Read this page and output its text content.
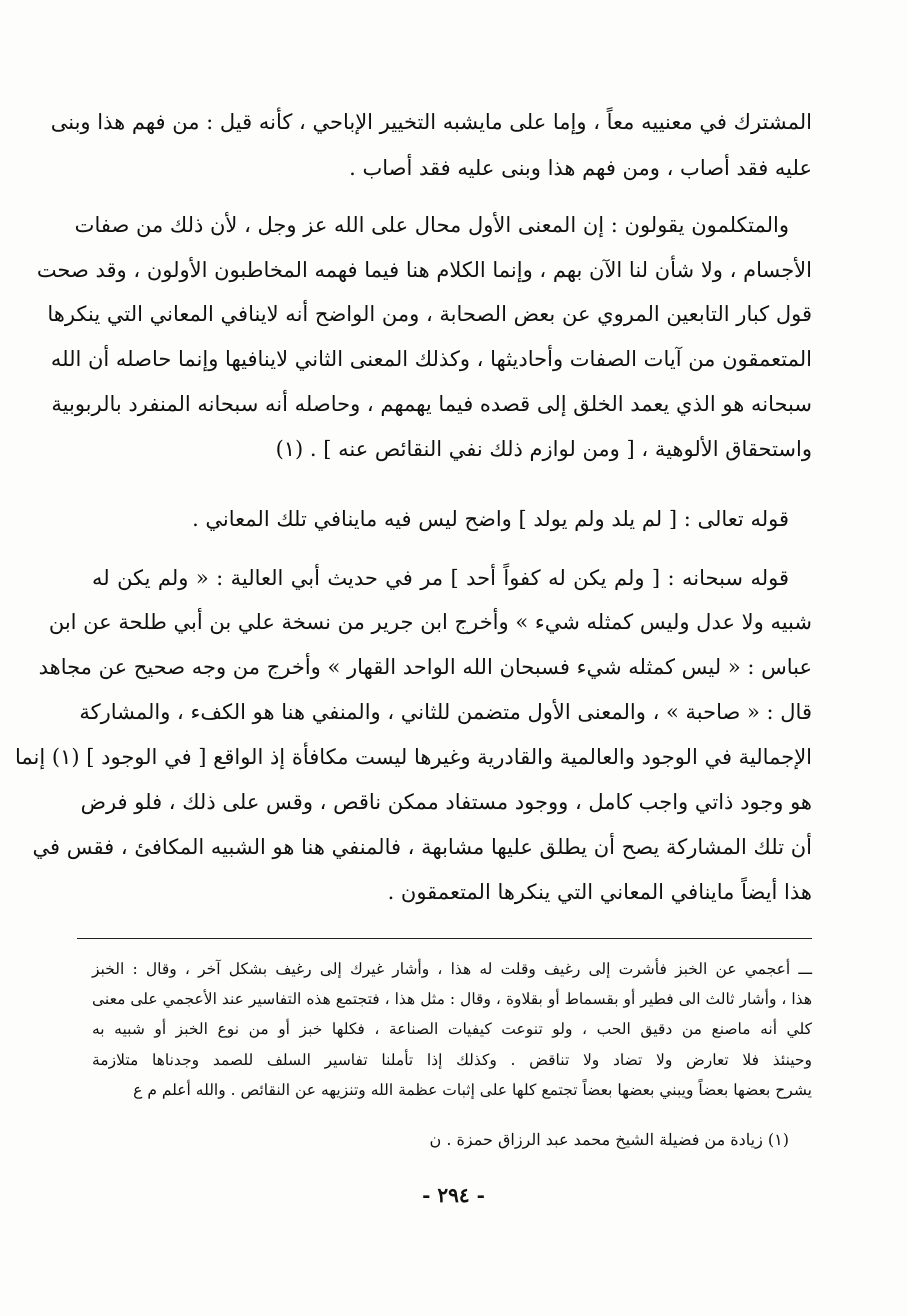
المشترك في معنييه معاً ، وإما على مايشبه التخيير الإباحي ، كأنه قيل : من فهم هذا وبنى
عليه فقد أصاب ، ومن فهم هذا وبنى عليه فقد أصاب .
والمتكلمون يقولون : إن المعنى الأول محال على الله عز وجل ، لأن ذلك من صفات
الأجسام ، ولا شأن لنا الآن بهم ، وإنما الكلام هنا فيما فهمه المخاطبون الأولون ، وقد صحت
قول كبار التابعين المروي عن بعض الصحابة ، ومن الواضح أنه لاينافي المعاني التي ينكرها
المتعمقون من آيات الصفات وأحاديثها ، وكذلك المعنى الثاني لاينافيها وإنما حاصله أن الله
سبحانه هو الذي يعمد الخلق إلى قصده فيما يهمهم ، وحاصله أنه سبحانه المنفرد بالربوبية
واستحقاق الألوهية ، [ ومن لوازم ذلك نفي النقائص عنه ] . (١)
قوله تعالى : [ لم يلد ولم يولد ] واضح ليس فيه ماينافي تلك المعاني .
قوله سبحانه : [ ولم يكن له كفواً أحد ] مر في حديث أبي العالية : « ولم يكن له
شبيه ولا عدل وليس كمثله شيء » وأخرج ابن جرير من نسخة علي بن أبي طلحة عن ابن
عباس : « ليس كمثله شيء فسبحان الله الواحد القهار » وأخرج من وجه صحيح عن مجاهد
قال : « صاحبة » ، والمعنى الأول متضمن للثاني ، والمنفي هنا هو الكفء ، والمشاركة
الإجمالية في الوجود والعالمية والقادرية وغيرها ليست مكافأة إذ الواقع [ في الوجود ] (١) إنما
هو وجود ذاتي واجب كامل ، ووجود مستفاد ممكن ناقص ، وقس على ذلك ، فلو فرض
أن تلك المشاركة يصح أن يطلق عليها مشابهة ، فالمنفي هنا هو الشبيه المكافئ ، فقس في
هذا أيضاً ماينافي المعاني التي ينكرها المتعمقون .
ـــ أعجمي عن الخبز فأشرت إلى رغيف وقلت له هذا ، وأشار غيرك إلى رغيف بشكل آخر ، وقال : الخبز
هذا ، وأشار ثالث الى فطير أو بقسماط أو بقلاوة ، وقال : مثل هذا ، فتجتمع هذه التفاسير عند الأعجمي على معنى
كلي أنه ماصنع من دقيق الحب ، ولو تنوعت كيفيات الصناعة ، فكلها خبز أو من نوع الخبز أو شبيه به
وحينئذ فلا تعارض ولا تضاد ولا تناقض . وكذلك إذا تأملنا تفاسير السلف للصمد وجدناها متلازمة
يشرح بعضها بعضاً ويبني بعضها بعضاً تجتمع كلها على إثبات عظمة الله وتنزيهه عن النقائص . والله أعلم م ع
(١) زيادة من فضيلة الشيخ محمد عبد الرزاق حمزة . ن
- ٢٩٤ -
